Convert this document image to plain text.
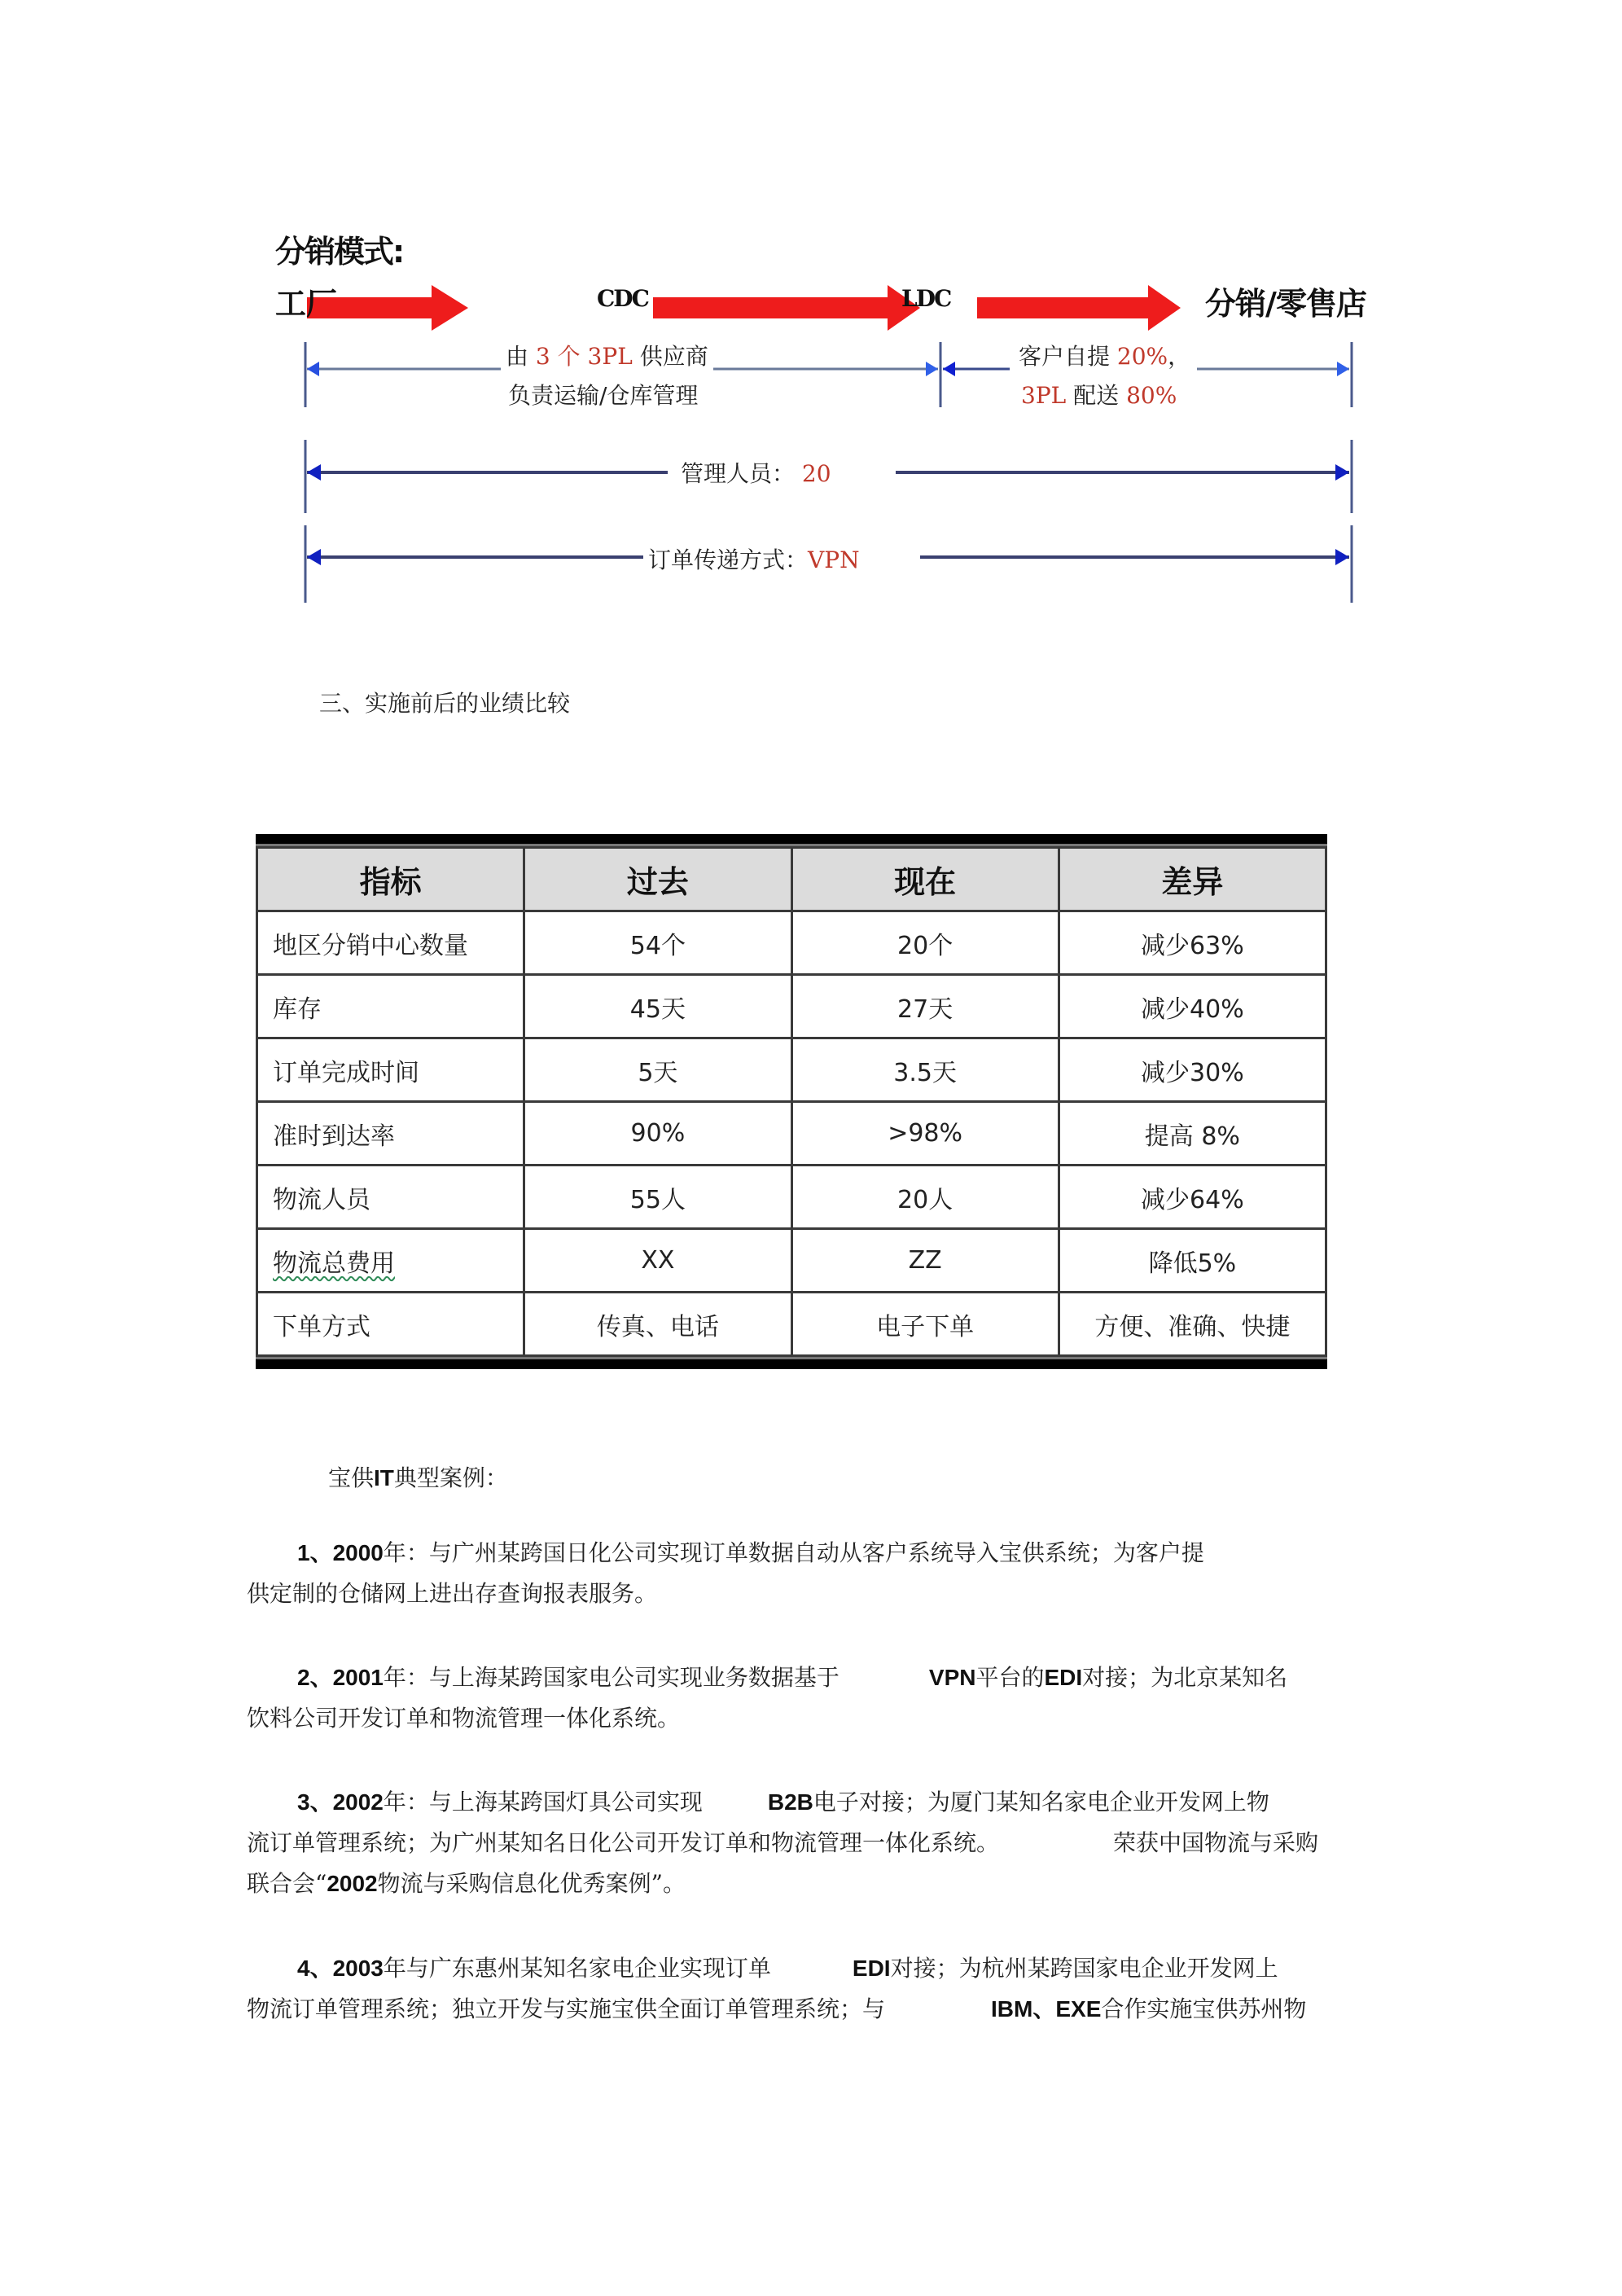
分销模式:
工厂	CDC	LDC	分销/零售店
由 3 个 3PL 供应商
负责运输/仓库管理
客户自提 20%，
3PL 配送 80%
管理人员： 20
订单传递方式：VPN
三、实施前后的业绩比较
指标	过去	现在	差异
地区分销中心数量	54个	20个	减少63%
库存	45天	27天	减少40%
订单完成时间	5天	3.5天	减少30%
准时到达率	90%	>98%	提高 8%
物流人员	55人	20人	减少64%
物流总费用	XX	ZZ	降低5%
下单方式	传真、电话	电子下单	方便、准确、快捷
宝供IT典型案例：
1、2000年：与广州某跨国日化公司实现订单数据自动从客户系统导入宝供系统；为客户提
供定制的仓储网上进出存查询报表服务。
2、2001年：与上海某跨国家电公司实现业务数据基于	VPN平台的EDI对接；为北京某知名
饮料公司开发订单和物流管理一体化系统。
3、2002年：与上海某跨国灯具公司实现	B2B电子对接；为厦门某知名家电企业开发网上物
流订单管理系统；为广州某知名日化公司开发订单和物流管理一体化系统。	荣获中国物流与采购
联合会“2002物流与采购信息化优秀案例”。
4、2003年与广东惠州某知名家电企业实现订单	EDI对接；为杭州某跨国家电企业开发网上
物流订单管理系统；独立开发与实施宝供全面订单管理系统；与	IBM、EXE合作实施宝供苏州物
